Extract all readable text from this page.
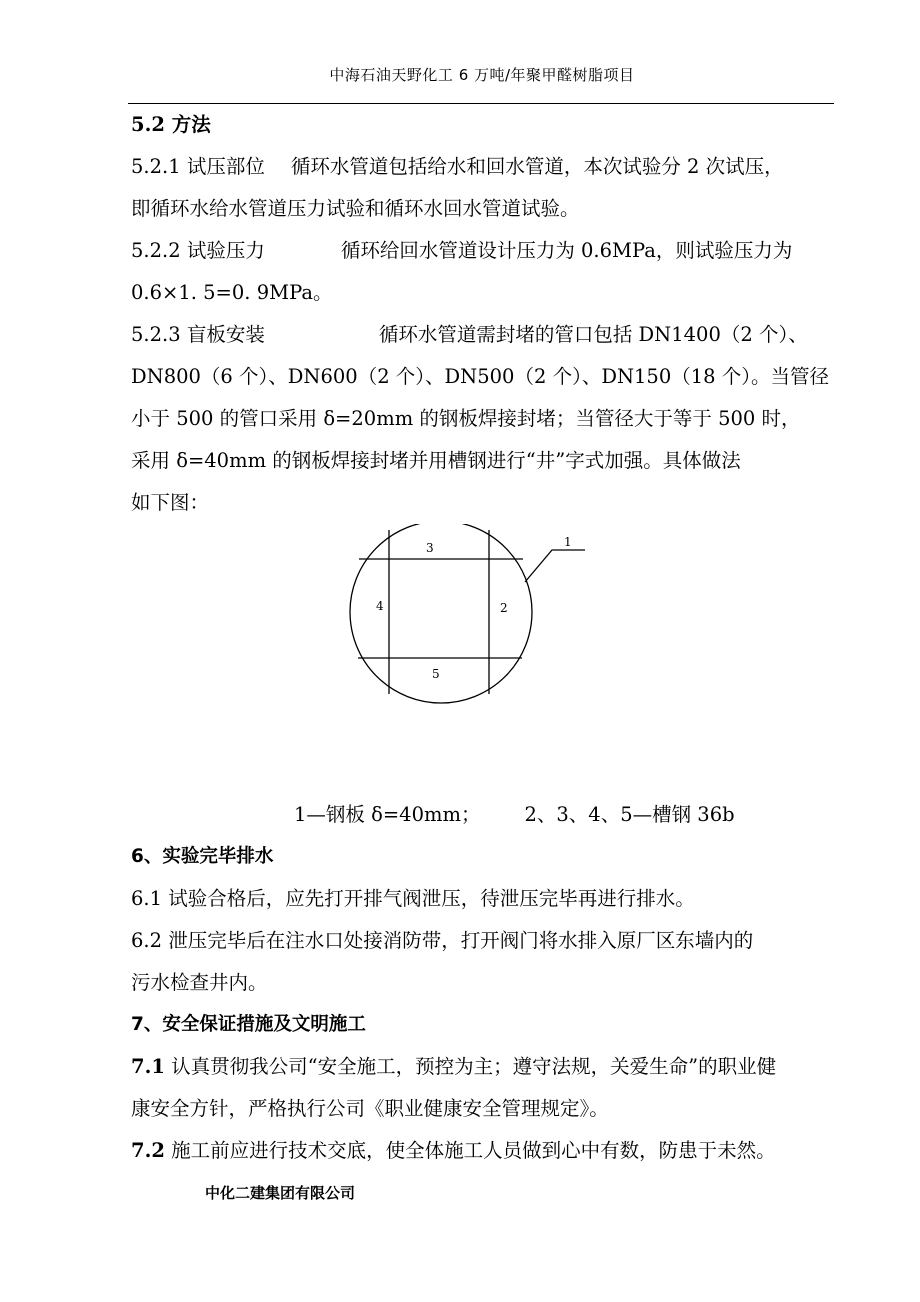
中海石油天野化工 6 万吨/年聚甲醛树脂项目

5.2 方法

5.2.1 试压部位 循环水管道包括给水和回水管道，本次试验分 2 次试压，

即循环水给水管道压力试验和循环水回水管道试验。

5.2.2 试验压力	循环给回水管道设计压力为 0.6MPa，则试验压力为

0.6×1. 5=0. 9MPa。

5.2.3 盲板安装	循环水管道需封堵的管口包括 DN1400（2 个）、

DN800（6 个）、DN600（2 个）、DN500（2 个）、DN150（18 个）。当管径

小于 500 的管口采用 δ=20mm 的钢板焊接封堵；当管径大于等于 500 时，

采用 δ=40mm 的钢板焊接封堵并用槽钢进行“井”字式加强。具体做法

如下图：

1
2
3
4
5

1—钢板 δ=40mm； 2、3、4、5—槽钢 36b

6、实验完毕排水

6.1 试验合格后，应先打开排气阀泄压，待泄压完毕再进行排水。

6.2 泄压完毕后在注水口处接消防带，打开阀门将水排入原厂区东墙内的

污水检查井内。

7、安全保证措施及文明施工

7.1 认真贯彻我公司“安全施工，预控为主；遵守法规，关爱生命”的职业健

康安全方针，严格执行公司《职业健康安全管理规定》。

7.2 施工前应进行技术交底，使全体施工人员做到心中有数，防患于未然。

中化二建集团有限公司
